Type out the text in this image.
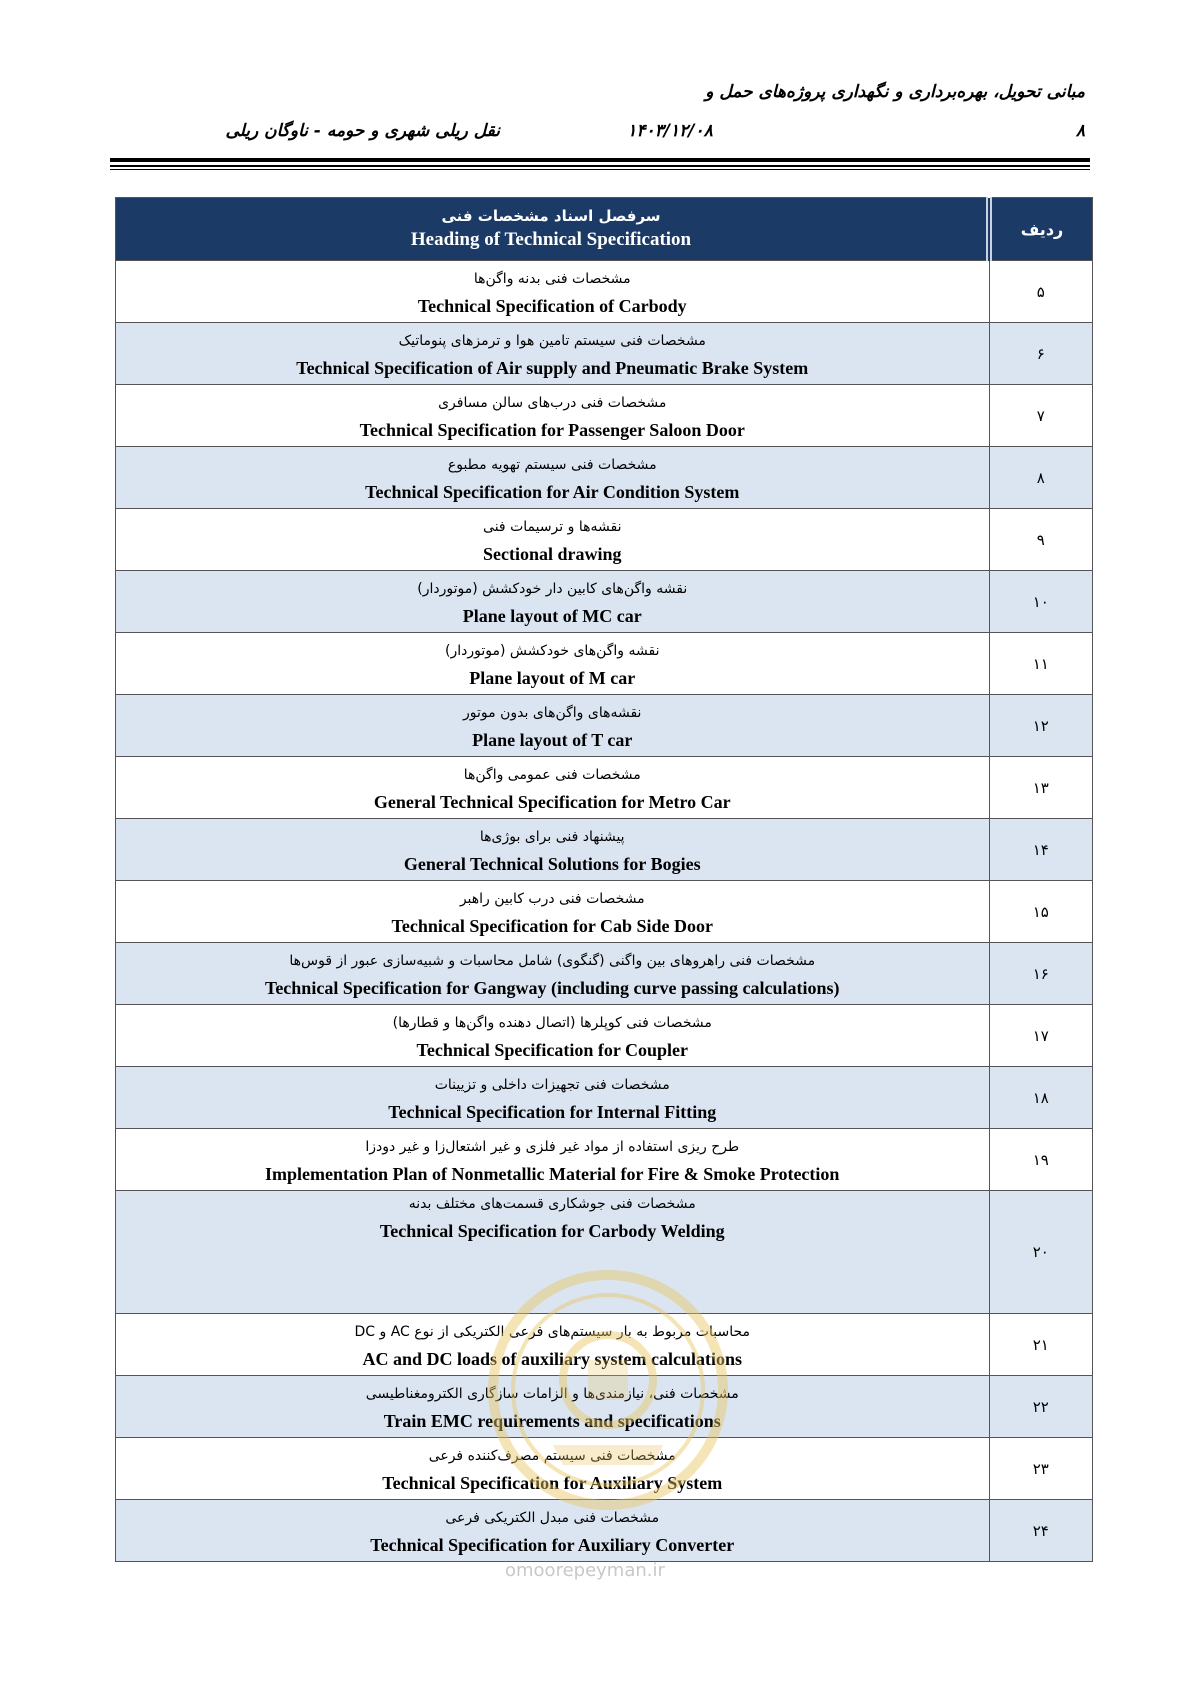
مبانی تحویل، بهره‌برداری و نگهداری پروژه‌های حمل و
نقل ریلی شهری و حومه - ناوگان ریلی	۱۴۰۳/۱۲/۰۸	۸
سرفصل اسناد مشخصات فنی
Heading of Technical Specification	ردیف

مشخصات فنی بدنه واگن‌ها
Technical Specification of Carbody	۵

مشخصات فنی سیستم تامین هوا و ترمزهای پنوماتیک
Technical Specification of Air supply and Pneumatic Brake System	۶

مشخصات فنی درب‌های سالن مسافری
Technical Specification for Passenger Saloon Door	۷

مشخصات فنی سیستم تهویه مطبوع
Technical Specification for Air Condition System	۸

نقشه‌ها و ترسیمات فنی
Sectional drawing	۹

نقشه واگن‌های کابین دار خودکشش (موتوردار)
Plane layout of MC car	۱۰

نقشه واگن‌های خودکشش (موتوردار)
Plane layout of M car	۱۱

نقشه‌های واگن‌های بدون موتور
Plane layout of T car	۱۲

مشخصات فنی عمومی واگن‌ها
General Technical Specification for Metro Car	۱۳

پیشنهاد فنی برای بوژی‌ها
General Technical Solutions for Bogies	۱۴

مشخصات فنی درب کابین راهبر
Technical Specification for Cab Side Door	۱۵

مشخصات فنی راهروهای بین واگنی (گنگوی) شامل محاسبات و شبیه‌سازی عبور از قوس‌ها
Technical Specification for Gangway (including curve passing calculations)	۱۶

مشخصات فنی کوپلرها (اتصال دهنده واگن‌ها و قطارها)
Technical Specification for Coupler	۱۷

مشخصات فنی تجهیزات داخلی و تزیینات
Technical Specification for Internal Fitting	۱۸

طرح ریزی استفاده از مواد غیر فلزی و غیر اشتعال‌زا و غیر دودزا
Implementation Plan of Nonmetallic Material for Fire & Smoke Protection	۱۹

مشخصات فنی جوشکاری قسمت‌های مختلف بدنه
Technical Specification for Carbody Welding	۲۰

محاسبات مربوط به بار سیستم‌های فرعی الکتریکی از نوع AC و DC
AC and DC loads of auxiliary system calculations	۲۱

مشخصات فنی، نیازمندی‌ها و الزامات سازگاری الکترومغناطیسی
Train EMC requirements and specifications	۲۲

مشخصات فنی سیستم مصرف‌کننده فرعی
Technical Specification for Auxiliary System	۲۳

مشخصات فنی مبدل الکتریکی فرعی
Technical Specification for Auxiliary Converter	۲۴
omoorepeyman.ir
